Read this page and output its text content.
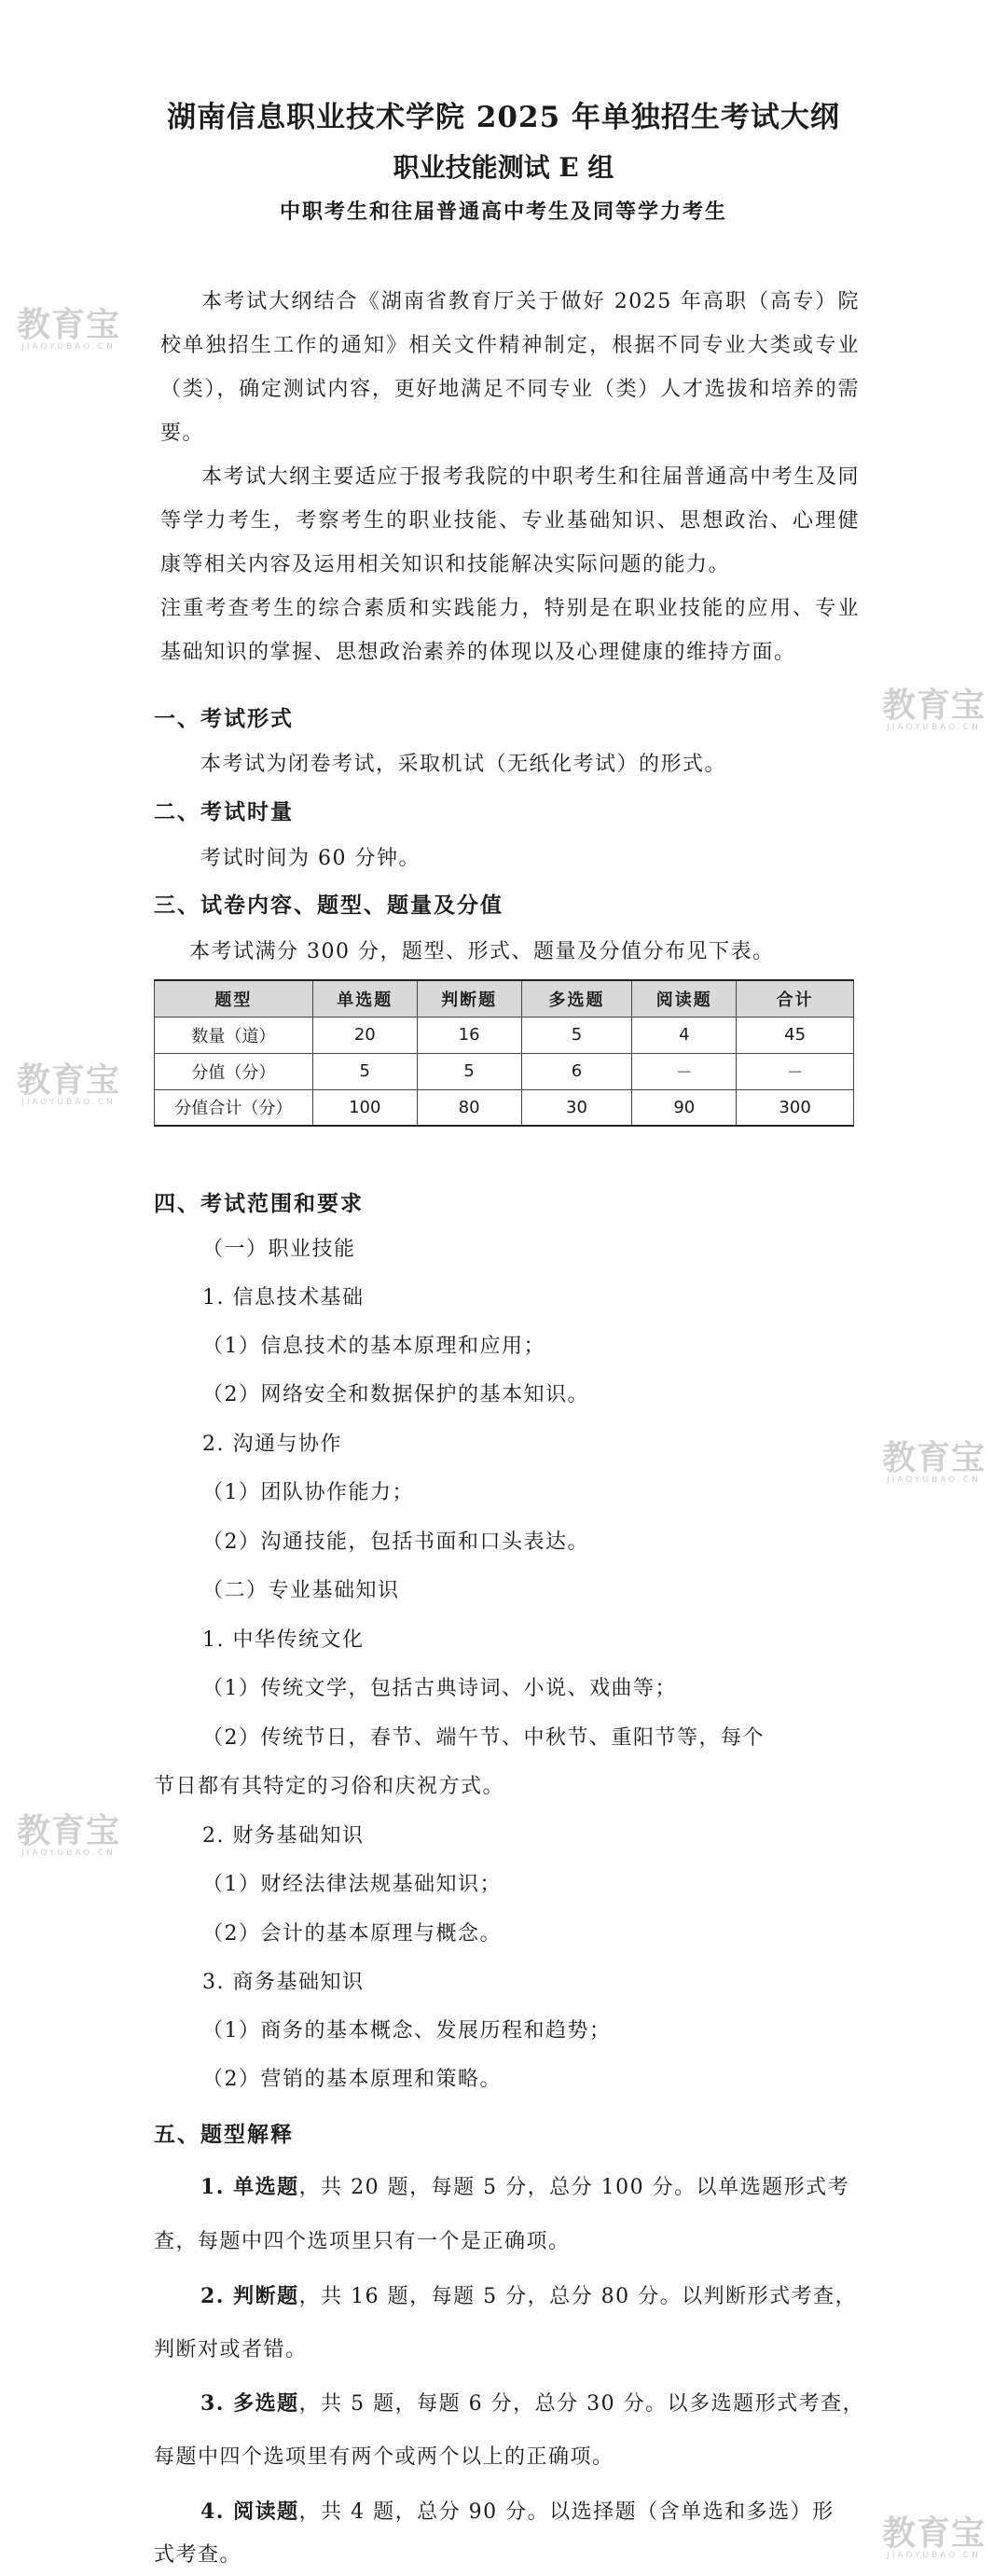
湖南信息职业技术学院 2025 年单独招生考试大纲
职业技能测试 E 组
中职考生和往届普通高中考生及同等学力考生
本考试大纲结合《湖南省教育厅关于做好 2025 年高职（高专）院校单独招生工作的通知》相关文件精神制定，根据不同专业大类或专业（类），确定测试内容，更好地满足不同专业（类）人才选拔和培养的需要。
本考试大纲主要适应于报考我院的中职考生和往届普通高中考生及同等学力考生，考察考生的职业技能、专业基础知识、思想政治、心理健康等相关内容及运用相关知识和技能解决实际问题的能力。
注重考查考生的综合素质和实践能力，特别是在职业技能的应用、专业基础知识的掌握、思想政治素养的体现以及心理健康的维持方面。
一、考试形式
本考试为闭卷考试，采取机试（无纸化考试）的形式。
二、考试时量
考试时间为 60 分钟。
三、试卷内容、题型、题量及分值
本考试满分 300 分，题型、形式、题量及分值分布见下表。
题型	单选题	判断题	多选题	阅读题	合计
数量（道）	20	16	5	4	45
分值（分）	5	5	6	－	－
分值合计（分）	100	80	30	90	300
四、考试范围和要求
（一）职业技能
1. 信息技术基础
（1）信息技术的基本原理和应用；
（2）网络安全和数据保护的基本知识。
2. 沟通与协作
（1）团队协作能力；
（2）沟通技能，包括书面和口头表达。
（二）专业基础知识
1. 中华传统文化
（1）传统文学，包括古典诗词、小说、戏曲等；
（2）传统节日，春节、端午节、中秋节、重阳节等，每个
节日都有其特定的习俗和庆祝方式。
2. 财务基础知识
（1）财经法律法规基础知识；
（2）会计的基本原理与概念。
3. 商务基础知识
（1）商务的基本概念、发展历程和趋势；
（2）营销的基本原理和策略。
五、题型解释
1. 单选题，共 20 题，每题 5 分，总分 100 分。以单选题形式考
查，每题中四个选项里只有一个是正确项。
2. 判断题，共 16 题，每题 5 分，总分 80 分。以判断形式考查，
判断对或者错。
3. 多选题，共 5 题，每题 6 分，总分 30 分。以多选题形式考查，
每题中四个选项里有两个或两个以上的正确项。
4. 阅读题，共 4 题，总分 90 分。以选择题（含单选和多选）形
式考查。
教育宝
JIAOYUBAO.CN
教育宝
JIAOYUBAO.CN
教育宝
JIAOYUBAO.CN
教育宝
JIAOYUBAO.CN
教育宝
JIAOYUBAO.CN
教育宝
JIAOYUBAO.CN
